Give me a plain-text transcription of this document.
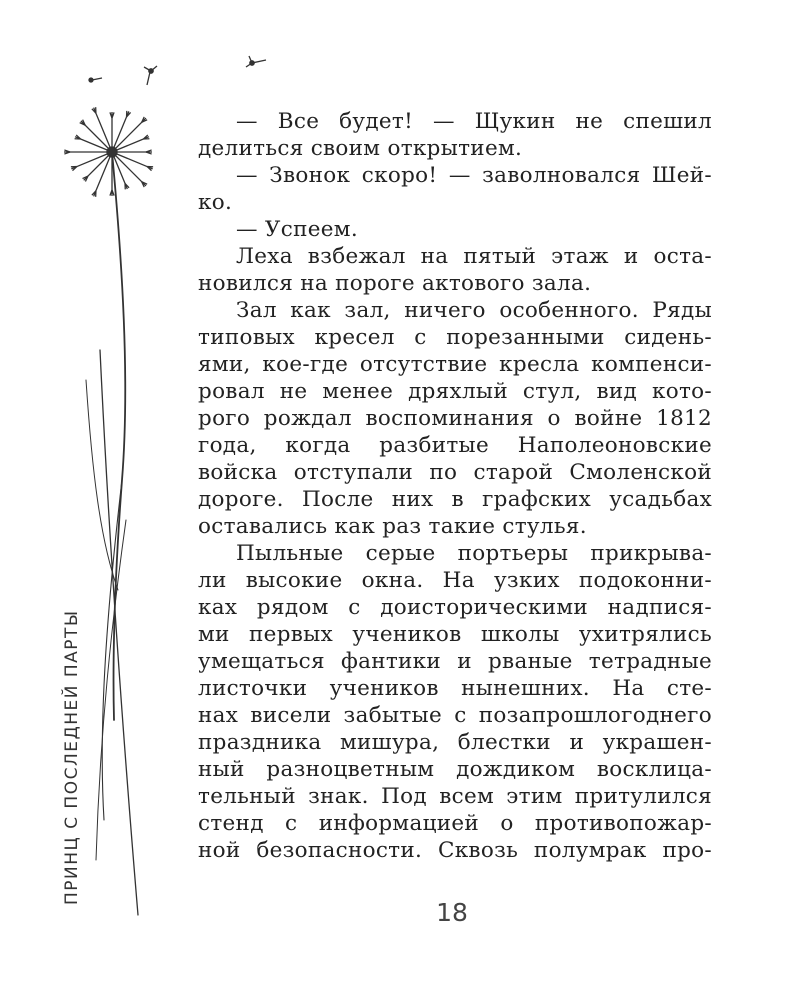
ПРИНЦ С ПОСЛЕДНЕЙ ПАРТЫ
— Все будет! — Щукин не спешил
делиться своим открытием.
— Звонок скоро! — заволновался Шей-
ко.
— Успеем.
Леха взбежал на пятый этаж и оста-
новился на пороге актового зала.
Зал как зал, ничего особенного. Ряды
типовых кресел с порезанными сидень-
ями, кое-где отсутствие кресла компенси-
ровал не менее дряхлый стул, вид кото-
рого рождал воспоминания о войне 1812
года, когда разбитые Наполеоновские
войска отступали по старой Смоленской
дороге. После них в графских усадьбах
оставались как раз такие стулья.
Пыльные серые портьеры прикрыва-
ли высокие окна. На узких подоконни-
ках рядом с доисторическими надпися-
ми первых учеников школы ухитрялись
умещаться фантики и рваные тетрадные
листочки учеников нынешних. На сте-
нах висели забытые с позапрошлогоднего
праздника мишура, блестки и украшен-
ный разноцветным дождиком восклица-
тельный знак. Под всем этим притулился
стенд с информацией о противопожар-
ной безопасности. Сквозь полумрак про-
18
